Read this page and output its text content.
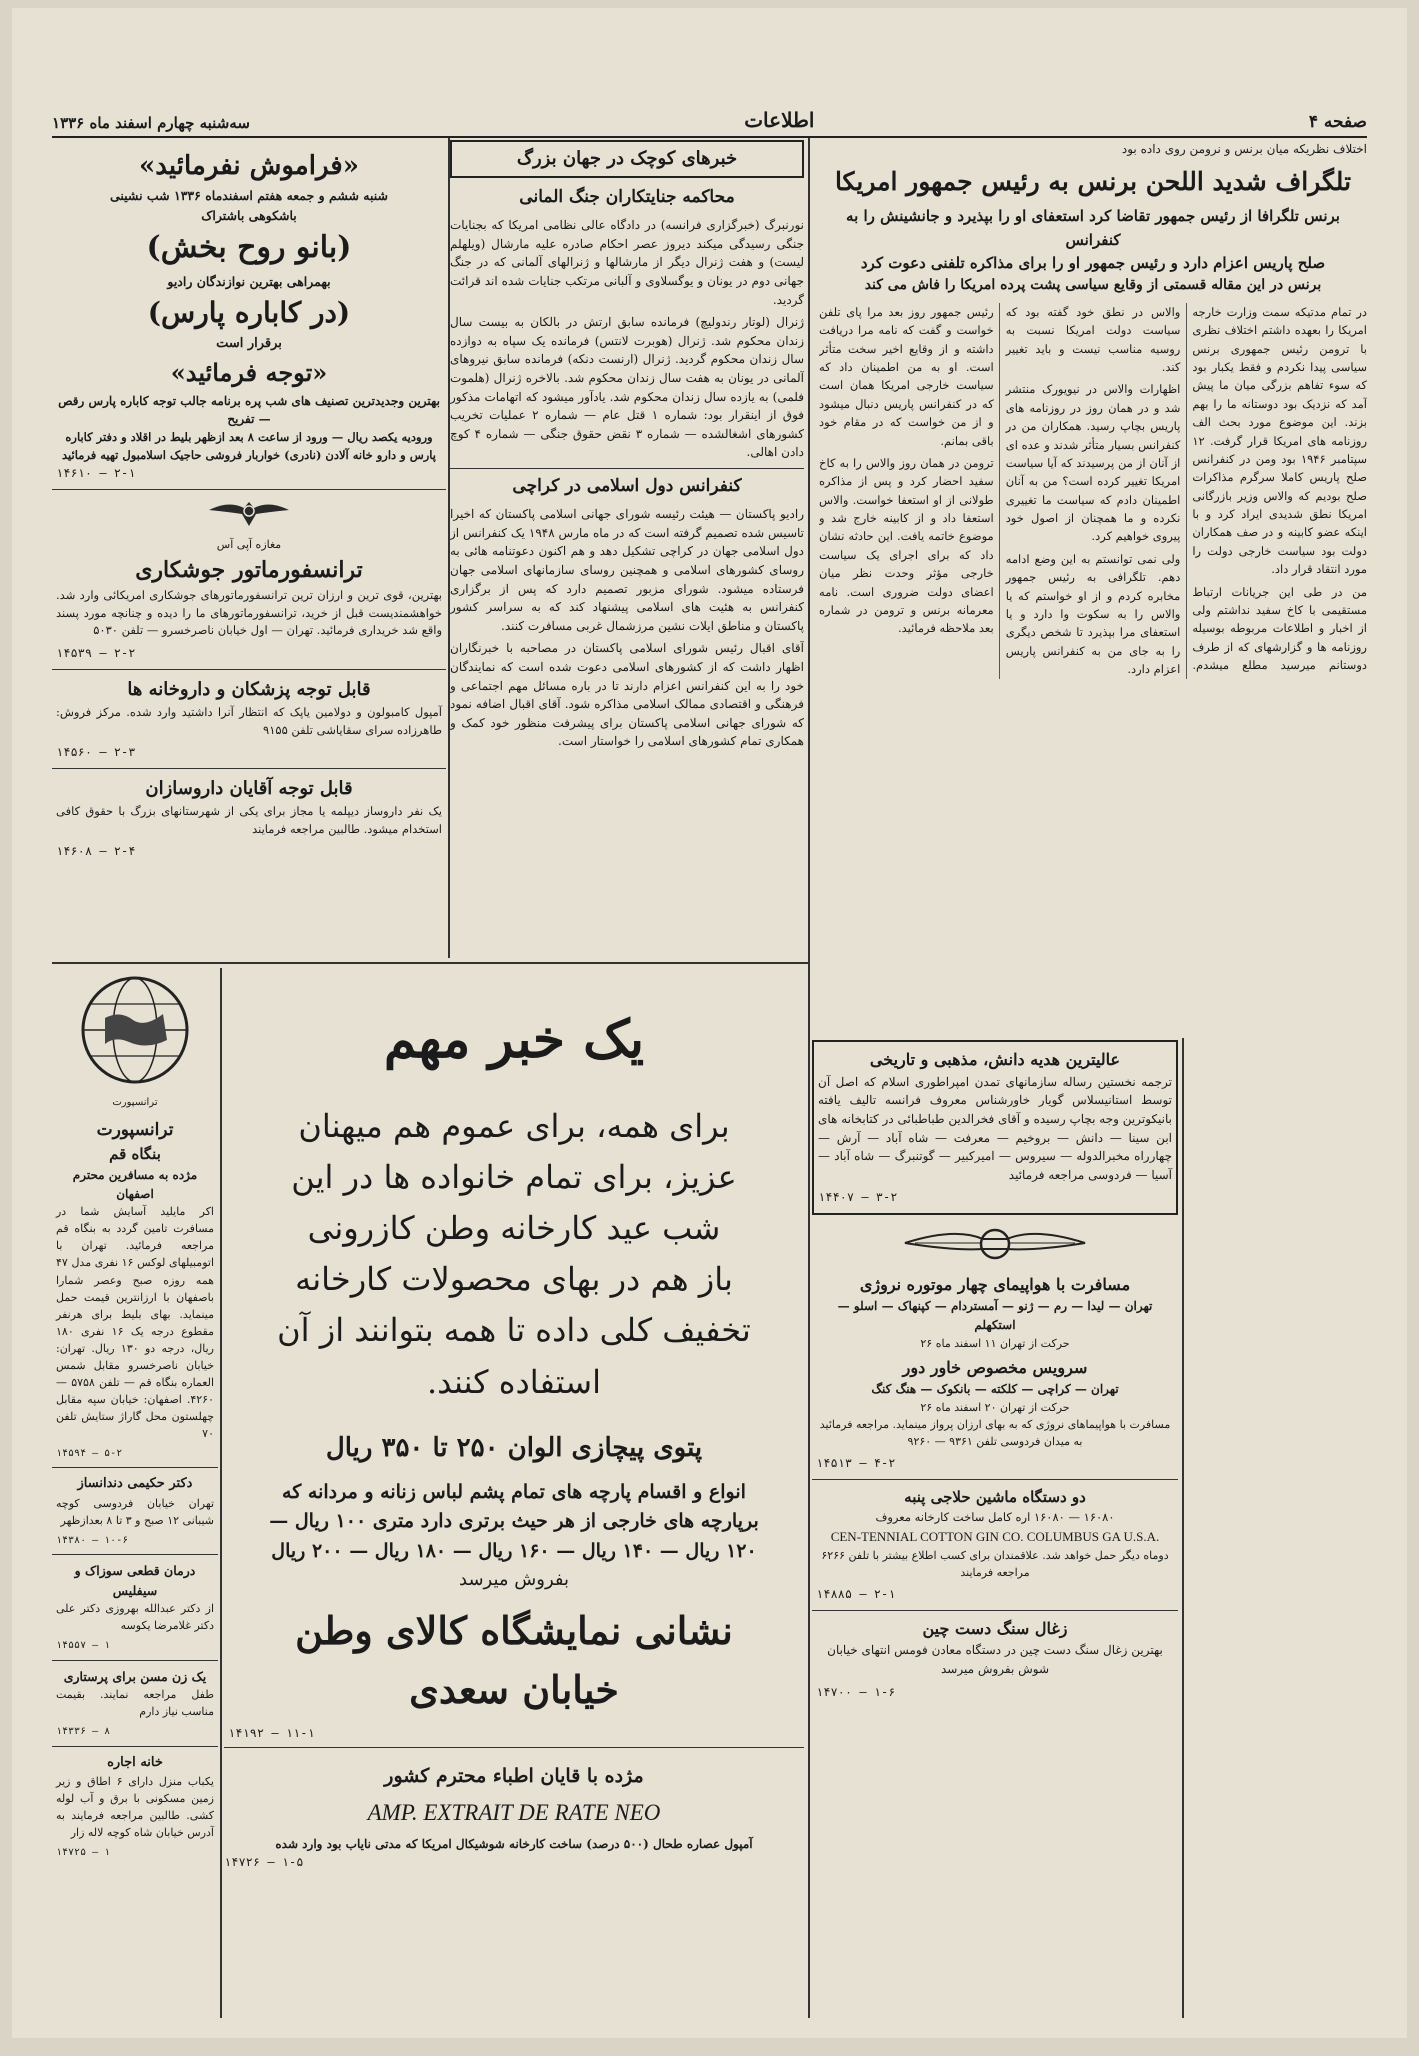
صفحه ۴
اطلاعات
سه‌شنبه چهارم اسفند ماه ۱۳۳۶
اختلاف نظریکه میان برنس و نرومن روی داده بود
تلگراف شدید اللحن برنس به رئیس جمهور امریکا
برنس تلگرافا از رئیس جمهور تقاضا کرد استعفای او را بپذیرد و جانشینش را به کنفرانس
صلح پاریس اعزام دارد و رئیس جمهور او را برای مذاکره تلفنی دعوت کرد
برنس در این مقاله قسمتی از وقایع سیاسی پشت پرده امریکا را فاش می کند

در تمام مدتیکه سمت وزارت خارجه امریکا را بعهده داشتم اختلاف نظری با ترومن رئیس جمهوری برنس سیاسی پیدا نکردم و فقط یکبار بود که سوء تفاهم بزرگی میان ما پیش آمد که نزدیک بود دوستانه ما را بهم بزند. این موضوع مورد بحث الف روزنامه های امریکا قرار گرفت. ۱۲ سپتامبر ۱۹۴۶ بود ومن در کنفرانس صلح پاریس کاملا سرگرم مذاکرات صلح بودیم که والاس وزیر بازرگانی امریکا نطق شدیدی ایراد کرد و با اینکه عضو کابینه و در صف همکاران دولت بود سیاست خارجی دولت را مورد انتقاد قرار داد.

من در طی این جریانات ارتباط مستقیمی با کاخ سفید نداشتم ولی از اخبار و اطلاعات مربوطه بوسیله روزنامه ها و گزارشهای که از طرف دوستانم میرسید مطلع میشدم. والاس در نطق خود گفته بود که سیاست دولت امریکا نسبت به روسیه مناسب نیست و باید تغییر کند.

اظهارات والاس در نیویورک منتشر شد و در همان روز در روزنامه های پاریس بچاپ رسید. همکاران من در کنفرانس بسیار متأثر شدند و عده ای از آنان از من پرسیدند که آیا سیاست امریکا تغییر کرده است؟ من به آنان اطمینان دادم که سیاست ما تغییری نکرده و ما همچنان از اصول خود پیروی خواهیم کرد.

ولی نمی توانستم به این وضع ادامه دهم. تلگرافی به رئیس جمهور مخابره کردم و از او خواستم که یا والاس را به سکوت وا دارد و یا استعفای مرا بپذیرد تا شخص دیگری را به جای من به کنفرانس پاریس اعزام دارد.

رئیس جمهور روز بعد مرا پای تلفن خواست و گفت که نامه مرا دریافت داشته و از وقایع اخیر سخت متأثر است. او به من اطمینان داد که سیاست خارجی امریکا همان است که در کنفرانس پاریس دنبال میشود و از من خواست که در مقام خود باقی بمانم.

ترومن در همان روز والاس را به کاخ سفید احضار کرد و پس از مذاکره طولانی از او استعفا خواست. والاس استعفا داد و از کابینه خارج شد و موضوع خاتمه یافت. این حادثه نشان داد که برای اجرای یک سیاست خارجی مؤثر وحدت نظر میان اعضای دولت ضروری است. نامه معرمانه برنس و ترومن در شماره بعد ملاحظه فرمائید.

خبرهای کوچک در جهان بزرگ
محاکمه جنایتکاران جنگ المانی

نورنبرگ (خبرگزاری فرانسه) در دادگاه عالی نظامی امریکا که بجنایات جنگی رسیدگی میکند دیروز عصر احکام صادره علیه مارشال (ویلهلم لیست) و هفت ژنرال دیگر از مارشالها و ژنرالهای آلمانی که در جنگ جهانی دوم در یونان و یوگسلاوی و آلبانی مرتکب جنایات شده اند قرائت گردید.

ژنرال (لوتار رندولیچ) فرمانده سابق ارتش در بالکان به بیست سال زندان محکوم شد. ژنرال (هوبرت لانتس) فرمانده یک سپاه به دوازده سال زندان محکوم گردید. ژنرال (ارنست دنکه) فرمانده سابق نیروهای آلمانی در یونان به هفت سال زندان محکوم شد. بالاخره ژنرال (هلموت فلمی) به یازده سال زندان محکوم شد. یادآور میشود که اتهامات مذکور فوق از اینقرار بود: شماره ۱ قتل عام — شماره ۲ عملیات تخریب کشورهای اشغالشده — شماره ۳ نقض حقوق جنگی — شماره ۴ کوچ دادن اهالی.

کنفرانس دول اسلامی در کراچی

رادیو پاکستان — هیئت رئیسه شورای جهانی اسلامی پاکستان که اخیرا تاسیس شده تصمیم گرفته است که در ماه مارس ۱۹۴۸ یک کنفرانس از دول اسلامی جهان در کراچی تشکیل دهد و هم اکنون دعوتنامه هائی به روسای کشورهای اسلامی و همچنین روسای سازمانهای اسلامی جهان فرستاده میشود. شورای مزبور تصمیم دارد که پس از برگزاری کنفرانس به هئیت های اسلامی پیشنهاد کند که به سراسر کشور پاکستان و مناطق ایلات نشین مرزشمال غربی مسافرت کنند.

آقای اقبال رئیس شورای اسلامی پاکستان در مصاحبه با خبرنگاران اظهار داشت که از کشورهای اسلامی دعوت شده است که نمایندگان خود را به این کنفرانس اعزام دارند تا در باره مسائل مهم اجتماعی و فرهنگی و اقتصادی ممالک اسلامی مذاکره شود. آقای اقبال اضافه نمود که شورای جهانی اسلامی پاکستان برای پیشرفت منظور خود کمک و همکاری تمام کشورهای اسلامی را خواستار است.

«فراموش نفرمائید»
شنبه ششم و جمعه هفتم اسفندماه ۱۳۳۶ شب نشینی
باشکوهی باشتراک
(بانو روح بخش)
بهمراهی بهترین نوازندگان رادیو
(در کاباره پارس)
برقرار است
«توجه فرمائید»
بهترین وجدیدترین تصنیف های شب پره برنامه جالب توجه کاباره پارس رقص — تفریح
ورودیه یکصد ریال — ورود از ساعت ۸ بعد ازظهر بلیط در اقلاد و دفتر کاباره پارس و دارو خانه آلادن (نادری) خواربار فروشی حاجیک اسلامبول تهیه فرمائید
۱۴۶۱۰ — ۲-۱
مغازه آپی آس
ترانسفورماتور جوشکاری

بهترین، قوی ترین و ارزان ترین ترانسفورماتورهای جوشکاری امریکائی وارد شد. خواهشمندیست قبل از خرید، ترانسفورماتورهای ما را دیده و چنانچه مورد پسند واقع شد خریداری فرمائید. تهران — اول خیابان ناصرخسرو — تلفن ۵۰۳۰

۱۴۵۳۹ — ۲-۲
قابل توجه پزشکان و داروخانه ها

آمپول کامبولون و دولامین یاپک که انتظار آنرا داشتید وارد شده. مرکز فروش: طاهرزاده سرای سقایاشی تلفن ۹۱۵۵

۱۴۵۶۰ — ۲-۳
قابل توجه آقایان داروسازان

یک نفر داروساز دیپلمه یا مجاز برای یکی از شهرستانهای بزرگ با حقوق کافی استخدام میشود. طالبین مراجعه فرمایند

۱۴۶۰۸ — ۲-۴
ترانسپورت
ترانسپورت
بنگاه قم
مژده به مسافرین محترم اصفهان

اکر مایلید آسایش شما در مسافرت تامین گردد به بنگاه قم مراجعه فرمائید. تهران با اتومبیلهای لوکس ۱۶ نفری مدل ۴۷ همه روزه صبح وعصر شمارا باصفهان با ارزانترین قیمت حمل مینماید. بهای بلیط برای هرنفر مقطوع درجه یک ۱۶ نفری ۱۸۰ ریال، درجه دو ۱۳۰ ریال. تهران: خیابان ناصرخسرو مقابل شمس العماره بنگاه قم — تلفن ۵۷۵۸ — ۴۲۶۰. اصفهان: خیابان سپه مقابل چهلستون محل گاراژ ستایش تلفن ۷۰

۱۴۵۹۴ — ۵-۲
دکتر حکیمی دندانساز

تهران خیابان فردوسی کوچه شیبانی ۱۲ صبح و ۳ تا ۸ بعدازظهر

۱۴۳۸۰ — ۱۰-۶
درمان قطعی سوزاک و سیفلیس

از دکتر عبدالله بهروزی دکتر علی دکتر غلامرضا یکوسه

۱۴۵۵۷ — ۱
یک زن مسن برای پرستاری

طفل مراجعه نمایند. بقیمت مناسب نیاز دارم

۱۴۳۳۶ — ۸
خانه اجاره

یکباب منزل دارای ۶ اطاق و زیر زمین مسکونی با برق و آب لوله کشی. طالبین مراجعه فرمایند به آدرس خیابان شاه کوچه لاله زار

۱۴۷۲۵ — ۱
یک خبر مهم
برای همه، برای عموم هم میهنان
عزیز، برای تمام خانواده ها در این
شب عید کارخانه وطن کازرونی
باز هم در بهای محصولات کارخانه
تخفیف کلی داده تا همه بتوانند از آن
استفاده کنند.
پتوی پیچازی الوان ۲۵۰ تا ۳۵۰ ریال
انواع و اقسام پارچه های تمام پشم لباس زنانه و مردانه که
برپارچه های خارجی از هر حیث برتری دارد متری ۱۰۰ ریال —
۱۲۰ ریال — ۱۴۰ ریال — ۱۶۰ ریال — ۱۸۰ ریال — ۲۰۰ ریال
بفروش میرسد
نشانی نمایشگاه کالای وطن
خیابان سعدی
۱۴۱۹۲ — ۱۱-۱
مژده با قایان اطباء محترم کشور
AMP. EXTRAIT DE RATE NEO
آمپول عصاره طحال (۵۰۰ درصد) ساخت کارخانه شوشیکال امریکا که مدتی نایاب بود وارد شده
۱۴۷۲۶ — ۱-۵
عالیترین هدیه دانش، مذهبی و تاریخی

ترجمه نخستین رساله سازمانهای تمدن امپراطوری اسلام که اصل آن توسط استانیسلاس گویار خاورشناس معروف فرانسه تالیف یافته بانیکوترین وجه بچاپ رسیده و آقای فخرالدین طباطبائی در کتابخانه های ابن سینا — دانش — بروخیم — معرفت — شاه آباد — آرش — چهارراه مخبرالدوله — سیروس — امیرکبیر — گوتنبرگ — شاه آباد — آسیا — فردوسی مراجعه فرمائید

۱۴۴۰۷ — ۳-۲
مسافرت با هواپیمای چهار موتوره نروژی
تهران — لیدا — رم — ژنو — آمستردام — کپنهاک — اسلو — استکهلم
حرکت از تهران ۱۱ اسفند ماه ۲۶
سرویس مخصوص خاور دور
تهران — کراچی — کلکته — بانکوک — هنگ کنگ
حرکت از تهران ۲۰ اسفند ماه ۲۶

مسافرت با هواپیماهای نروژی که به بهای ارزان پرواز مینماید. مراجعه فرمائید به میدان فردوسی تلفن ۹۳۶۱ — ۹۲۶۰

۱۴۵۱۳ — ۴-۲
دو دستگاه ماشین حلاجی پنبه
۱۶۰۸۰ — ۱۶۰۸۰ اره کامل ساخت کارخانه معروف
CEN-TENNIAL COTTON GIN CO. COLUMBUS GA U.S.A.

دوماه دیگر حمل خواهد شد. علاقمندان برای کسب اطلاع بیشتر با تلفن ۶۲۶۶ مراجعه فرمایند

۱۴۸۸۵ — ۲-۱
زغال سنگ دست چین

بهترین زغال سنگ دست چین در دستگاه معادن فومس انتهای خیابان شوش بفروش میرسد

۱۴۷۰۰ — ۱-۶
